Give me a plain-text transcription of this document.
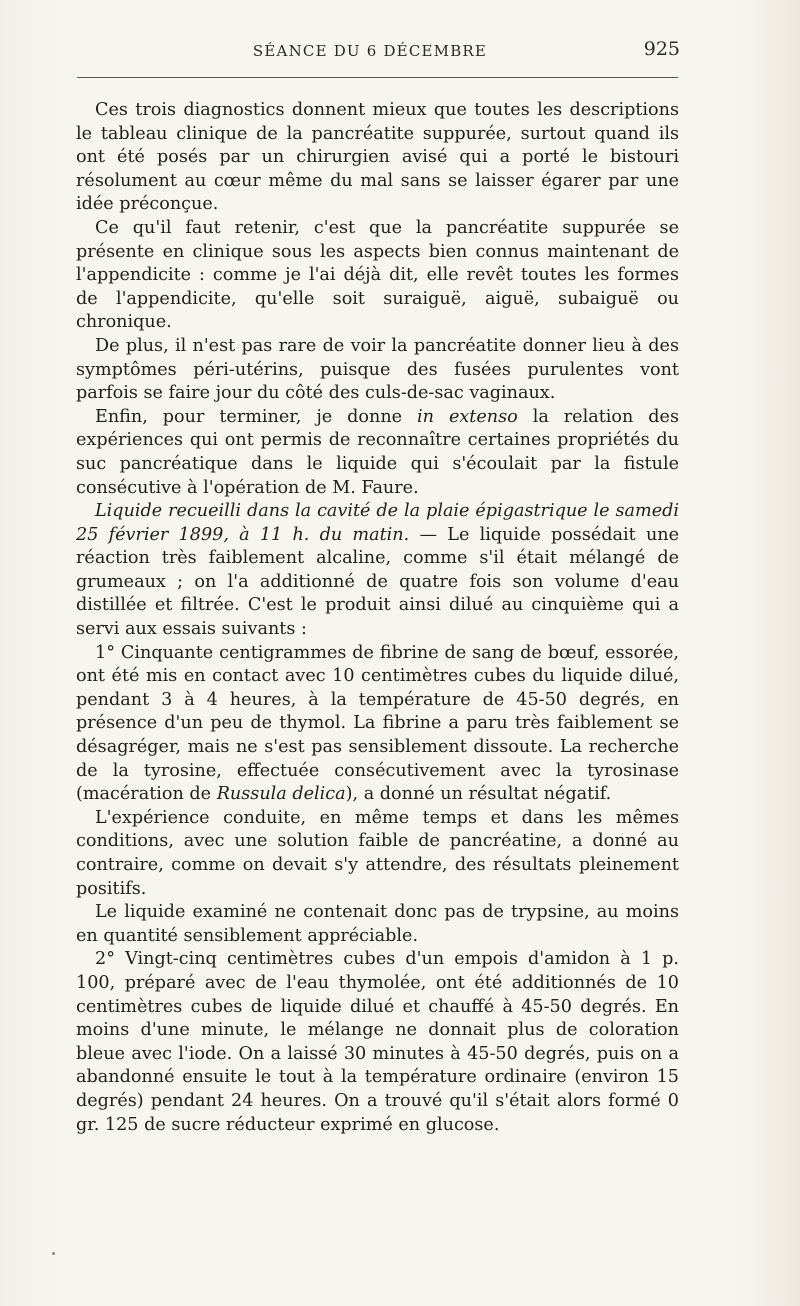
SÉANCE DU 6 DÉCEMBRE	925

Ces trois diagnostics donnent mieux que toutes les descriptions le tableau clinique de la pancréatite suppurée, surtout quand ils ont été posés par un chirurgien avisé qui a porté le bistouri résolument au cœur même du mal sans se laisser égarer par une idée préconçue.

Ce qu'il faut retenir, c'est que la pancréatite suppurée se présente en clinique sous les aspects bien connus maintenant de l'appendicite : comme je l'ai déjà dit, elle revêt toutes les formes de l'appendicite, qu'elle soit suraiguë, aiguë, subaiguë ou chronique.

De plus, il n'est pas rare de voir la pancréatite donner lieu à des symptômes péri-utérins, puisque des fusées purulentes vont parfois se faire jour du côté des culs-de-sac vaginaux.

Enfin, pour terminer, je donne in extenso la relation des expériences qui ont permis de reconnaître certaines propriétés du suc pancréatique dans le liquide qui s'écoulait par la fistule consécutive à l'opération de M. Faure.

Liquide recueilli dans la cavité de la plaie épigastrique le samedi 25 février 1899, à 11 h. du matin. — Le liquide possédait une réaction très faiblement alcaline, comme s'il était mélangé de grumeaux ; on l'a additionné de quatre fois son volume d'eau distillée et filtrée. C'est le produit ainsi dilué au cinquième qui a servi aux essais suivants :

1° Cinquante centigrammes de fibrine de sang de bœuf, essorée, ont été mis en contact avec 10 centimètres cubes du liquide dilué, pendant 3 à 4 heures, à la température de 45-50 degrés, en présence d'un peu de thymol. La fibrine a paru très faiblement se désagréger, mais ne s'est pas sensiblement dissoute. La recherche de la tyrosine, effectuée consécutivement avec la tyrosinase (macération de Russula delica), a donné un résultat négatif.

L'expérience conduite, en même temps et dans les mêmes conditions, avec une solution faible de pancréatine, a donné au contraire, comme on devait s'y attendre, des résultats pleinement positifs.

Le liquide examiné ne contenait donc pas de trypsine, au moins en quantité sensiblement appréciable.

2° Vingt-cinq centimètres cubes d'un empois d'amidon à 1 p. 100, préparé avec de l'eau thymolée, ont été additionnés de 10 centimètres cubes de liquide dilué et chauffé à 45-50 degrés. En moins d'une minute, le mélange ne donnait plus de coloration bleue avec l'iode. On a laissé 30 minutes à 45-50 degrés, puis on a abandonné ensuite le tout à la température ordinaire (environ 15 degrés) pendant 24 heures. On a trouvé qu'il s'était alors formé 0 gr. 125 de sucre réducteur exprimé en glucose.
